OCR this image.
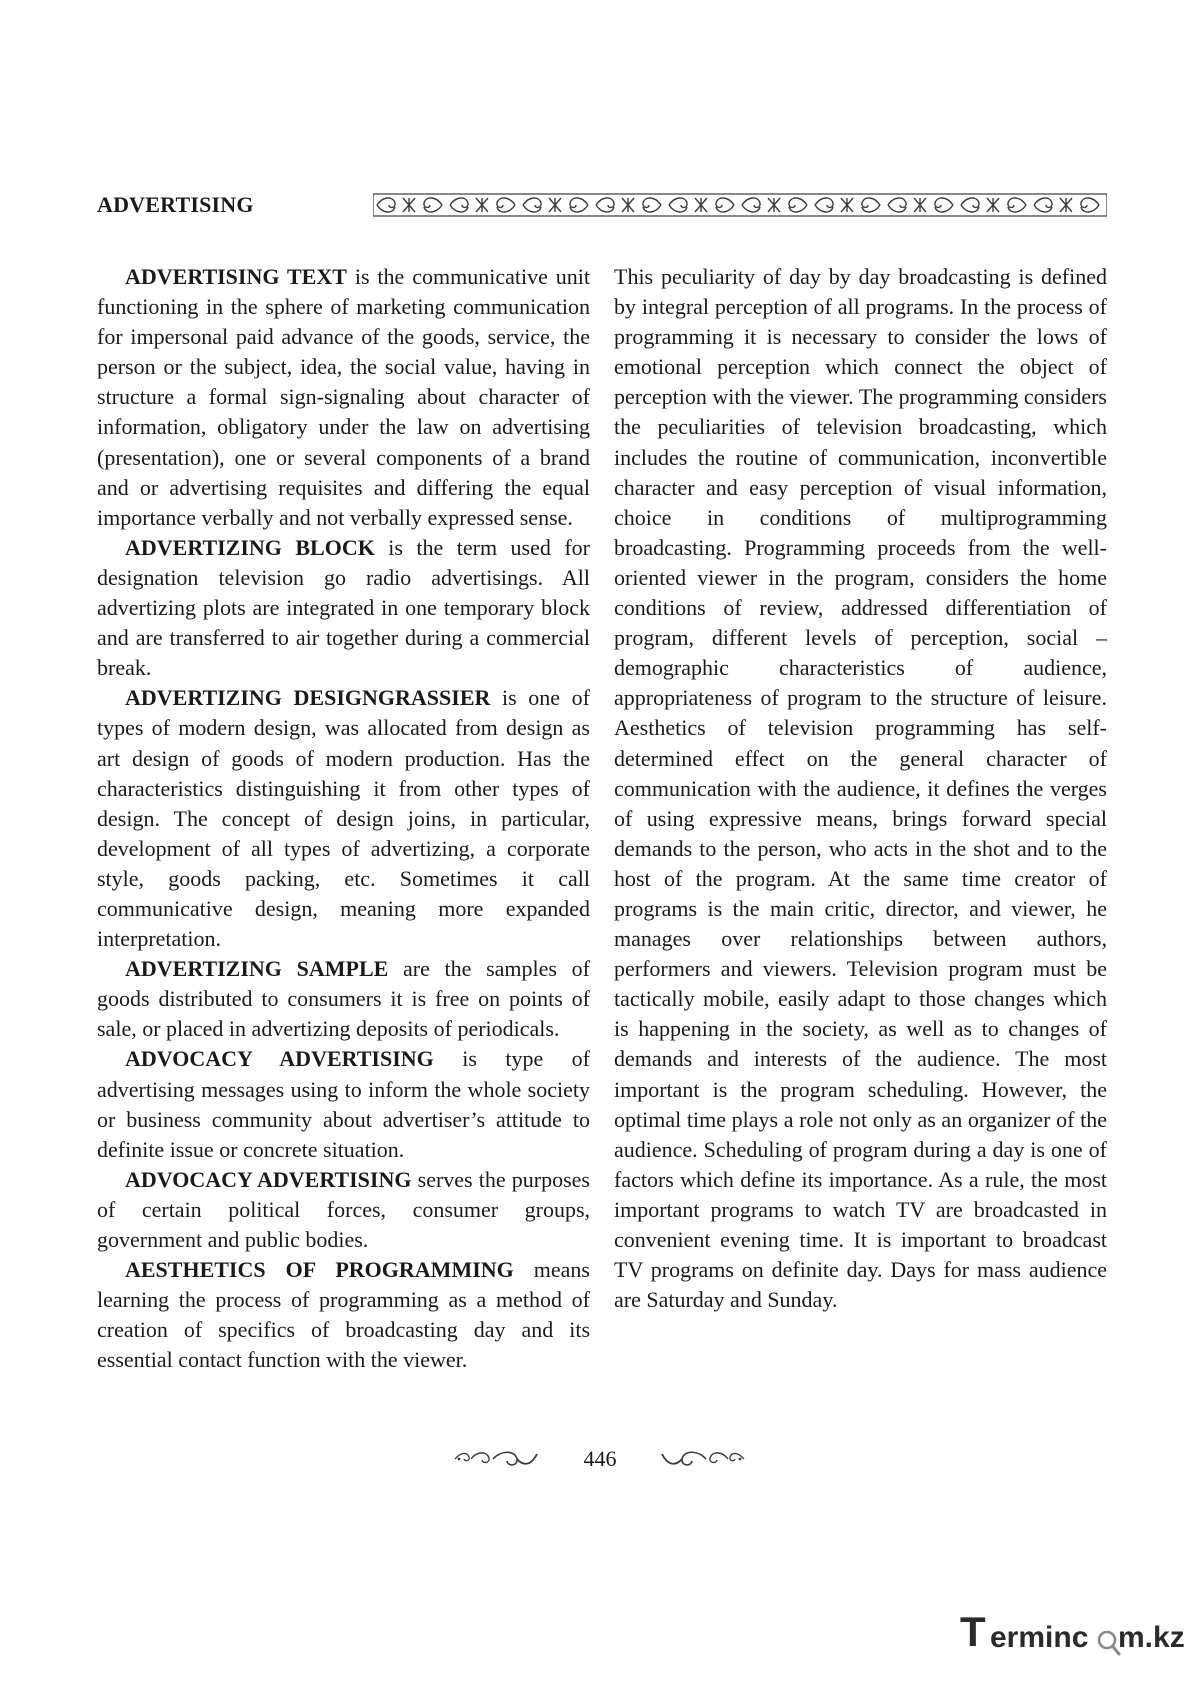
ADVERTISING

ADVERTISING TEXT is the communicative unit functioning in the sphere of marketing communication for impersonal paid advance of the goods, service, the person or the subject, idea, the social value, having in structure a formal sign-signaling about character of information, obligatory under the law on advertising (presentation), one or several components of a brand and or advertising requisites and differing the equal importance verbally and not verbally expressed sense.

ADVERTIZING BLOCK is the term used for designation television go radio advertisings. All advertizing plots are integrated in one temporary block and are transferred to air together during a commercial break.

ADVERTIZING DESIGNGRASSIER is one of types of modern design, was allocated from design as art design of goods of modern production. Has the characteristics distinguishing it from other types of design. The concept of design joins, in particular, development of all types of advertizing, a corporate style, goods packing, etc. Sometimes it call communicative design, meaning more expanded interpretation.

ADVERTIZING SAMPLE are the samples of goods distributed to consumers it is free on points of sale, or placed in advertizing deposits of periodicals.

ADVOCACY ADVERTISING is type of advertising messages using to inform the whole society or business community about advertiser’s attitude to definite issue or concrete situation.

ADVOCACY ADVERTISING serves the purposes of certain political forces, consumer groups, government and public bodies.

AESTHETICS OF PROGRAMMING means learning the process of programming as a method of creation of specifics of broadcasting day and its essential contact function with the viewer.

This peculiarity of day by day broadcasting is defined by integral perception of all programs. In the process of programming it is necessary to consider the lows of emotional perception which connect the object of perception with the viewer. The programming considers the peculiarities of television broadcasting, which includes the routine of communication, inconvertible character and easy perception of visual information, choice in conditions of multiprogramming broadcasting. Programming proceeds from the well-oriented viewer in the program, considers the home conditions of review, addressed differentiation of program, different levels of perception, social – demographic characteristics of audience, appropriateness of program to the structure of leisure. Aesthetics of television programming has self-determined effect on the general character of communication with the audience, it defines the verges of using expressive means, brings forward special demands to the person, who acts in the shot and to the host of the program. At the same time creator of programs is the main critic, director, and viewer, he manages over relationships between authors, performers and viewers. Television program must be tactically mobile, easily adapt to those changes which is happening in the society, as well as to changes of demands and interests of the audience. The most important is the program scheduling. However, the optimal time plays a role not only as an organizer of the audience. Scheduling of program during a day is one of factors which define its importance. As a rule, the most important programs to watch TV are broadcasted in convenient evening time. It is important to broadcast TV programs on definite day. Days for mass audience are Saturday and Sunday.

446
T erminc m.kz
